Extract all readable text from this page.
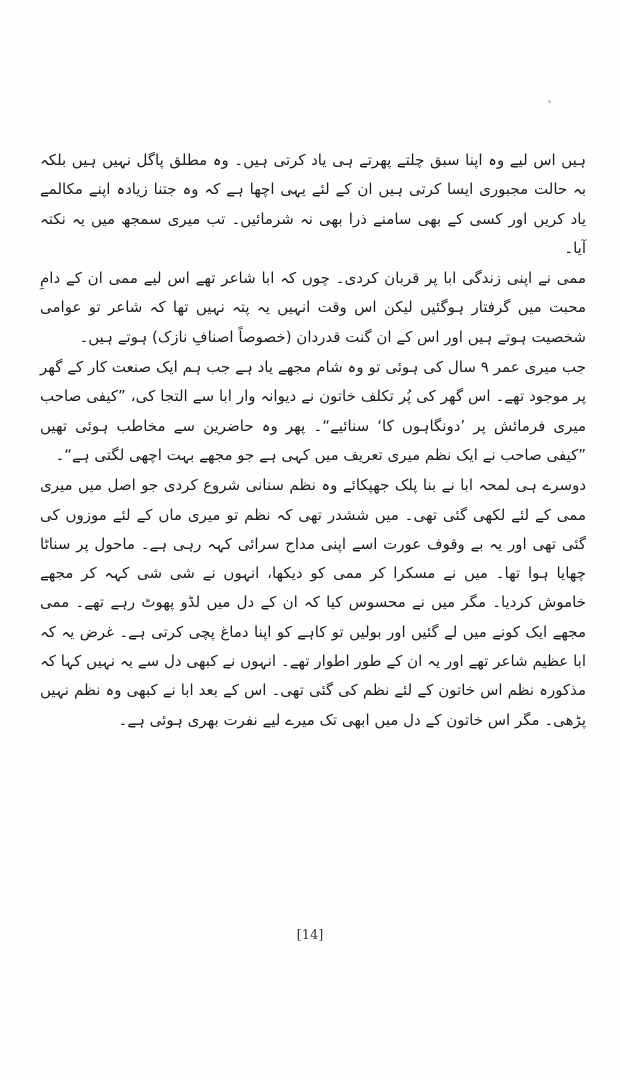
ہیں اس لیے وہ اپنا سبق چلتے پھرتے ہی یاد کرتی ہیں۔ وہ مطلق پاگل نہیں ہیں بلکہ بہ حالت مجبوری ایسا کرتی ہیں ان کے لئے یہی اچھا ہے کہ وہ جتنا زیادہ اپنے مکالمے یاد کریں اور کسی کے بھی سامنے ذرا بھی نہ شرمائیں۔ تب میری سمجھ میں یہ نکتہ آیا۔

ممی نے اپنی زندگی ابا پر قربان کردی۔ چوں کہ ابا شاعر تھے اس لیے ممی ان کے دامِ محبت میں گرفتار ہوگئیں لیکن اس وقت انہیں یہ پتہ نہیں تھا کہ شاعر تو عوامی شخصیت ہوتے ہیں اور اس کے ان گنت قدردان (خصوصاً اصنافِ نازک) ہوتے ہیں۔

جب میری عمر ۹ سال کی ہوئی تو وہ شام مجھے یاد ہے جب ہم ایک صنعت کار کے گھر پر موجود تھے۔ اس گھر کی پُر تکلف خاتون نے دیوانہ وار ابا سے التجا کی، ”کیفی صاحب میری فرمائش پر ’دونگاہوں کا‘ سنائیے“۔ پھر وہ حاضرین سے مخاطب ہوئی تھیں ”کیفی صاحب نے ایک نظم میری تعریف میں کہی ہے جو مجھے بہت اچھی لگتی ہے“۔

دوسرے ہی لمحہ ابا نے بنا پلک جھپکائے وہ نظم سنانی شروع کردی جو اصل میں میری ممی کے لئے لکھی گئی تھی۔ میں ششدر تھی کہ نظم تو میری ماں کے لئے موزوں کی گئی تھی اور یہ بے وقوف عورت اسے اپنی مداح سرائی کہہ رہی ہے۔ ماحول پر سناٹا چھایا ہوا تھا۔ میں نے مسکرا کر ممی کو دیکھا، انہوں نے شی شی کہہ کر مجھے خاموش کردیا۔ مگر میں نے محسوس کیا کہ ان کے دل میں لڈو پھوٹ رہے تھے۔ ممی مجھے ایک کونے میں لے گئیں اور بولیں تو کاہے کو اپنا دماغ پچی کرتی ہے۔ غرض یہ کہ ابا عظیم شاعر تھے اور یہ ان کے طور اطوار تھے۔ انہوں نے کبھی دل سے یہ نہیں کہا کہ مذکورہ نظم اس خاتون کے لئے نظم کی گئی تھی۔ اس کے بعد ابا نے کبھی وہ نظم نہیں پڑھی۔ مگر اس خاتون کے دل میں ابھی تک میرے لیے نفرت بھری ہوئی ہے۔

[14]
